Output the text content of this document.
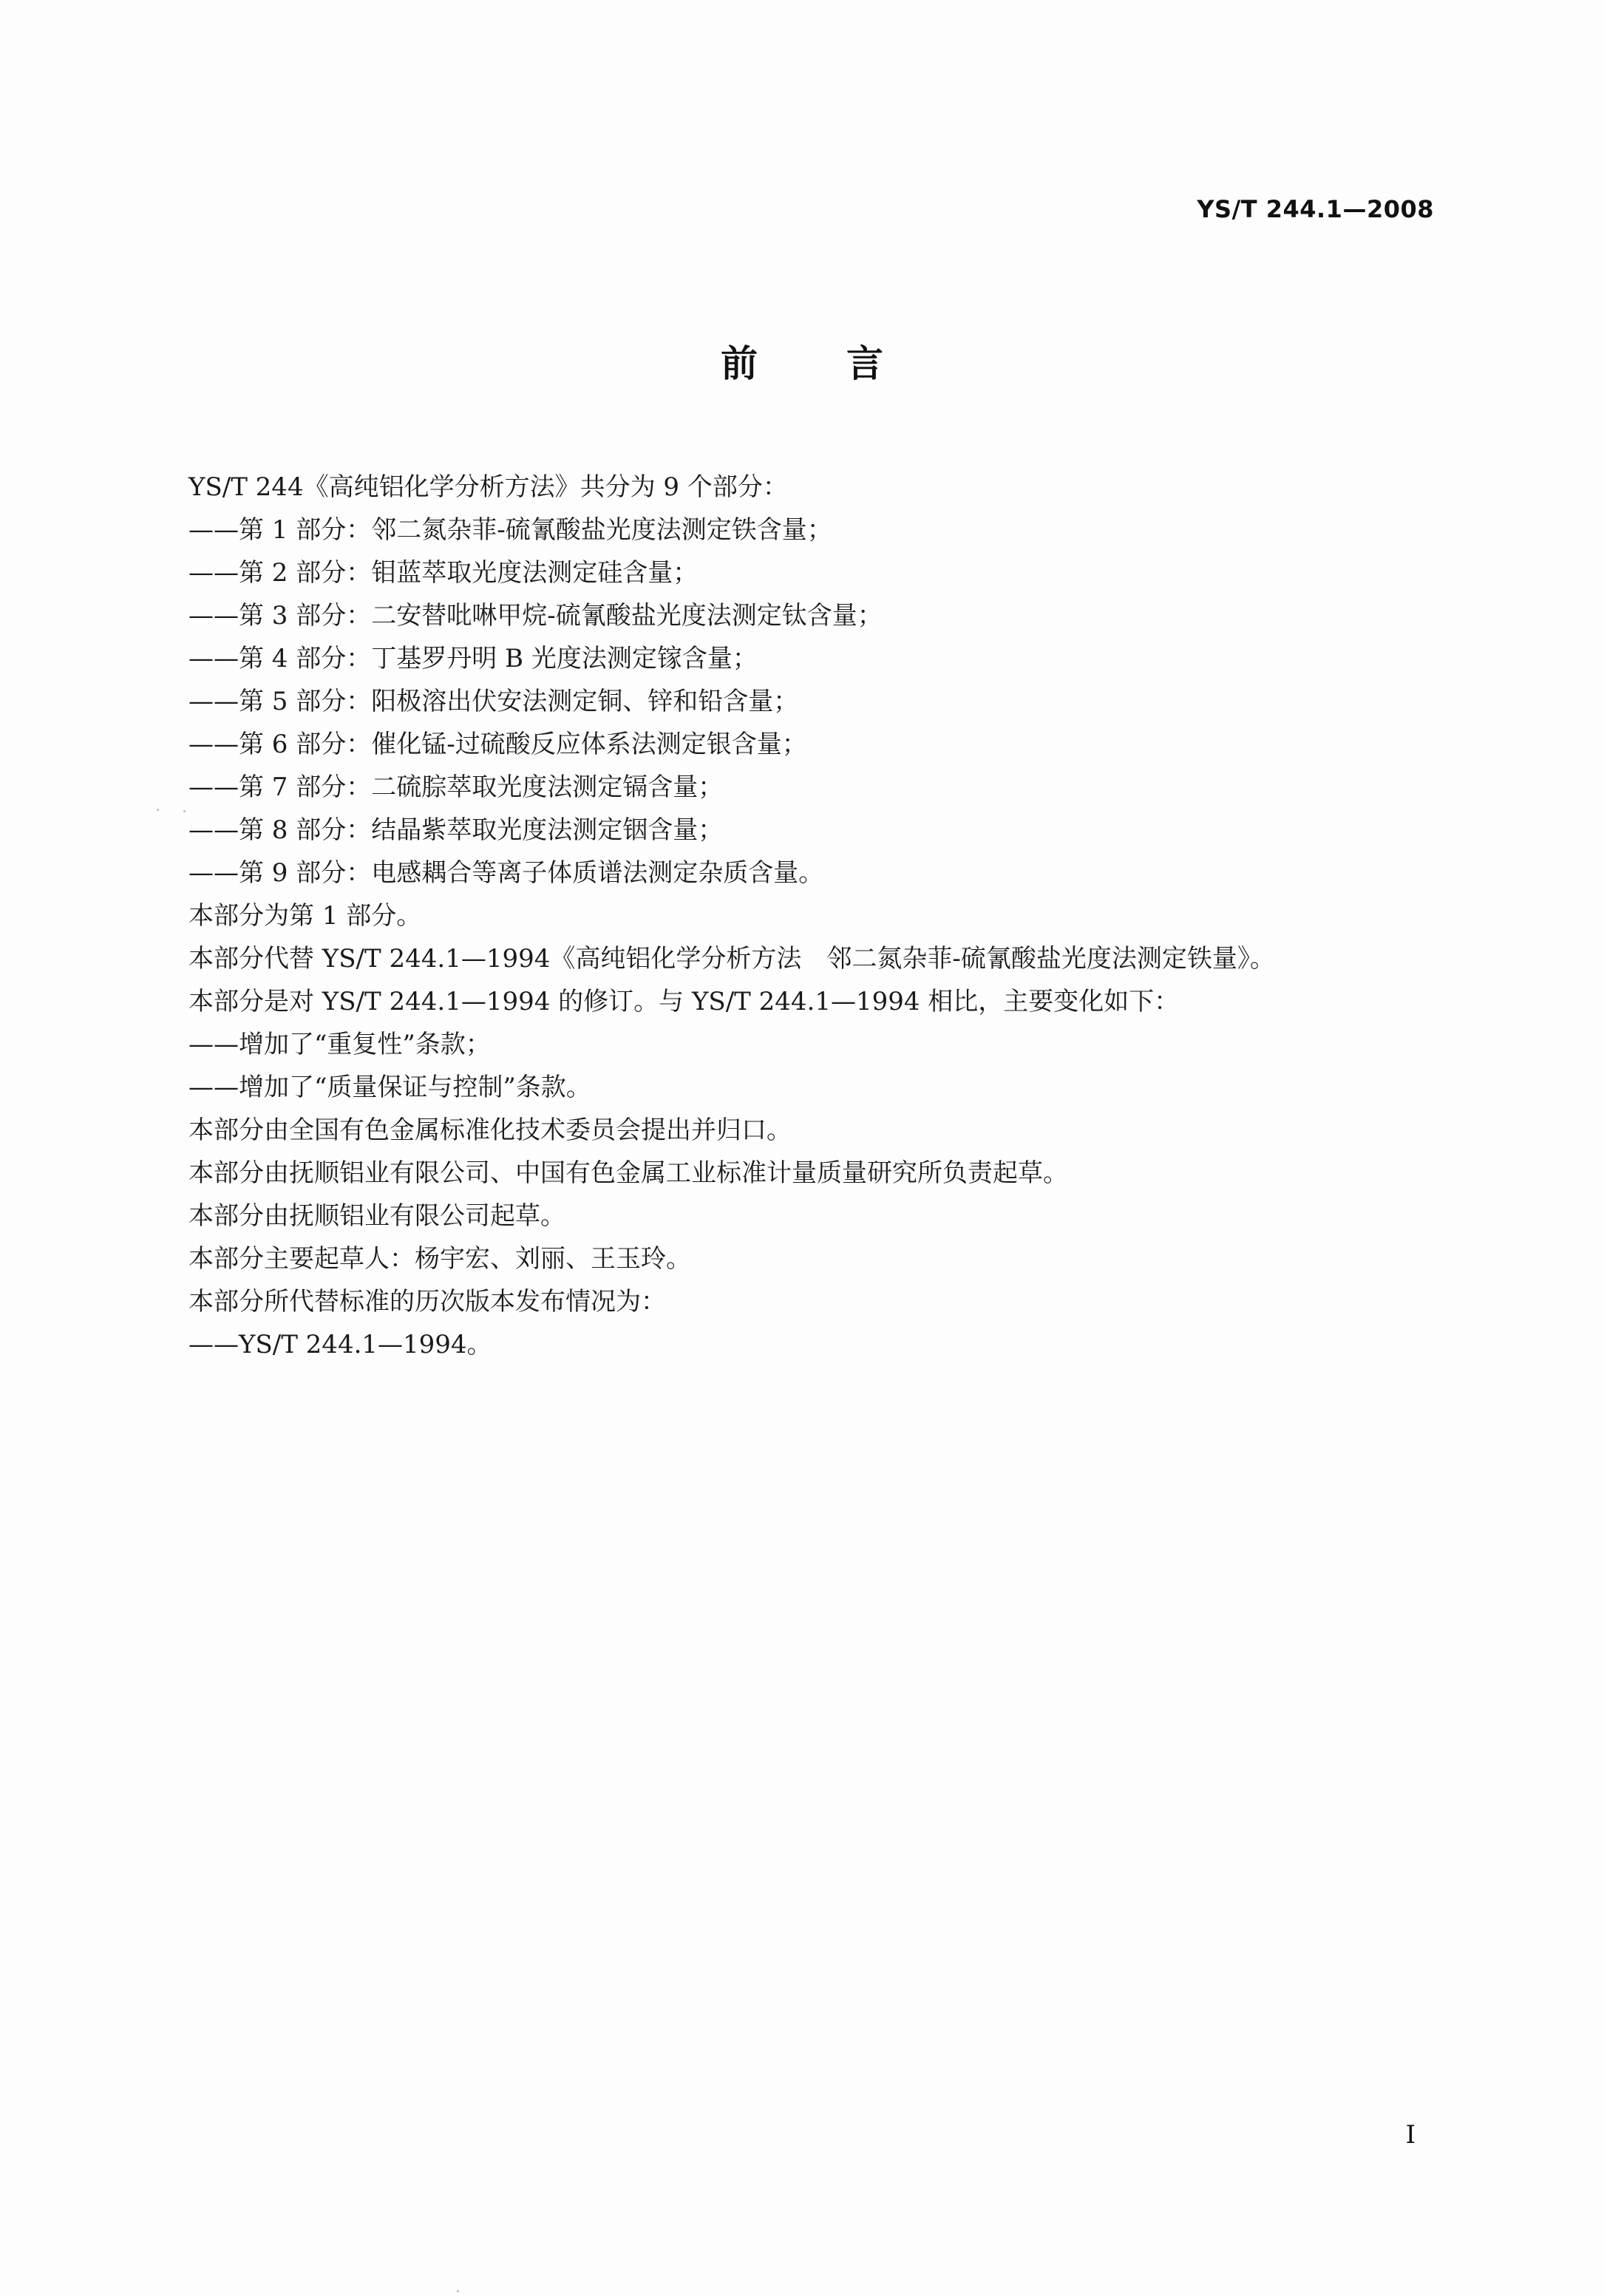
YS/T 244.1—2008
前 言
YS/T 244《高纯铝化学分析方法》共分为 9 个部分：
——第 1 部分：邻二氮杂菲-硫氰酸盐光度法测定铁含量；
——第 2 部分：钼蓝萃取光度法测定硅含量；
——第 3 部分：二安替吡啉甲烷-硫氰酸盐光度法测定钛含量；
——第 4 部分：丁基罗丹明 B 光度法测定镓含量；
——第 5 部分：阳极溶出伏安法测定铜、锌和铅含量；
——第 6 部分：催化锰-过硫酸反应体系法测定银含量；
——第 7 部分：二硫腙萃取光度法测定镉含量；
——第 8 部分：结晶紫萃取光度法测定铟含量；
——第 9 部分：电感耦合等离子体质谱法测定杂质含量。
本部分为第 1 部分。
本部分代替 YS/T 244.1—1994《高纯铝化学分析方法　邻二氮杂菲-硫氰酸盐光度法测定铁量》。
本部分是对 YS/T 244.1—1994 的修订。与 YS/T 244.1—1994 相比，主要变化如下：
——增加了“重复性”条款；
——增加了“质量保证与控制”条款。
本部分由全国有色金属标准化技术委员会提出并归口。
本部分由抚顺铝业有限公司、中国有色金属工业标准计量质量研究所负责起草。
本部分由抚顺铝业有限公司起草。
本部分主要起草人：杨宇宏、刘丽、王玉玲。
本部分所代替标准的历次版本发布情况为：
——YS/T 244.1—1994。
I
